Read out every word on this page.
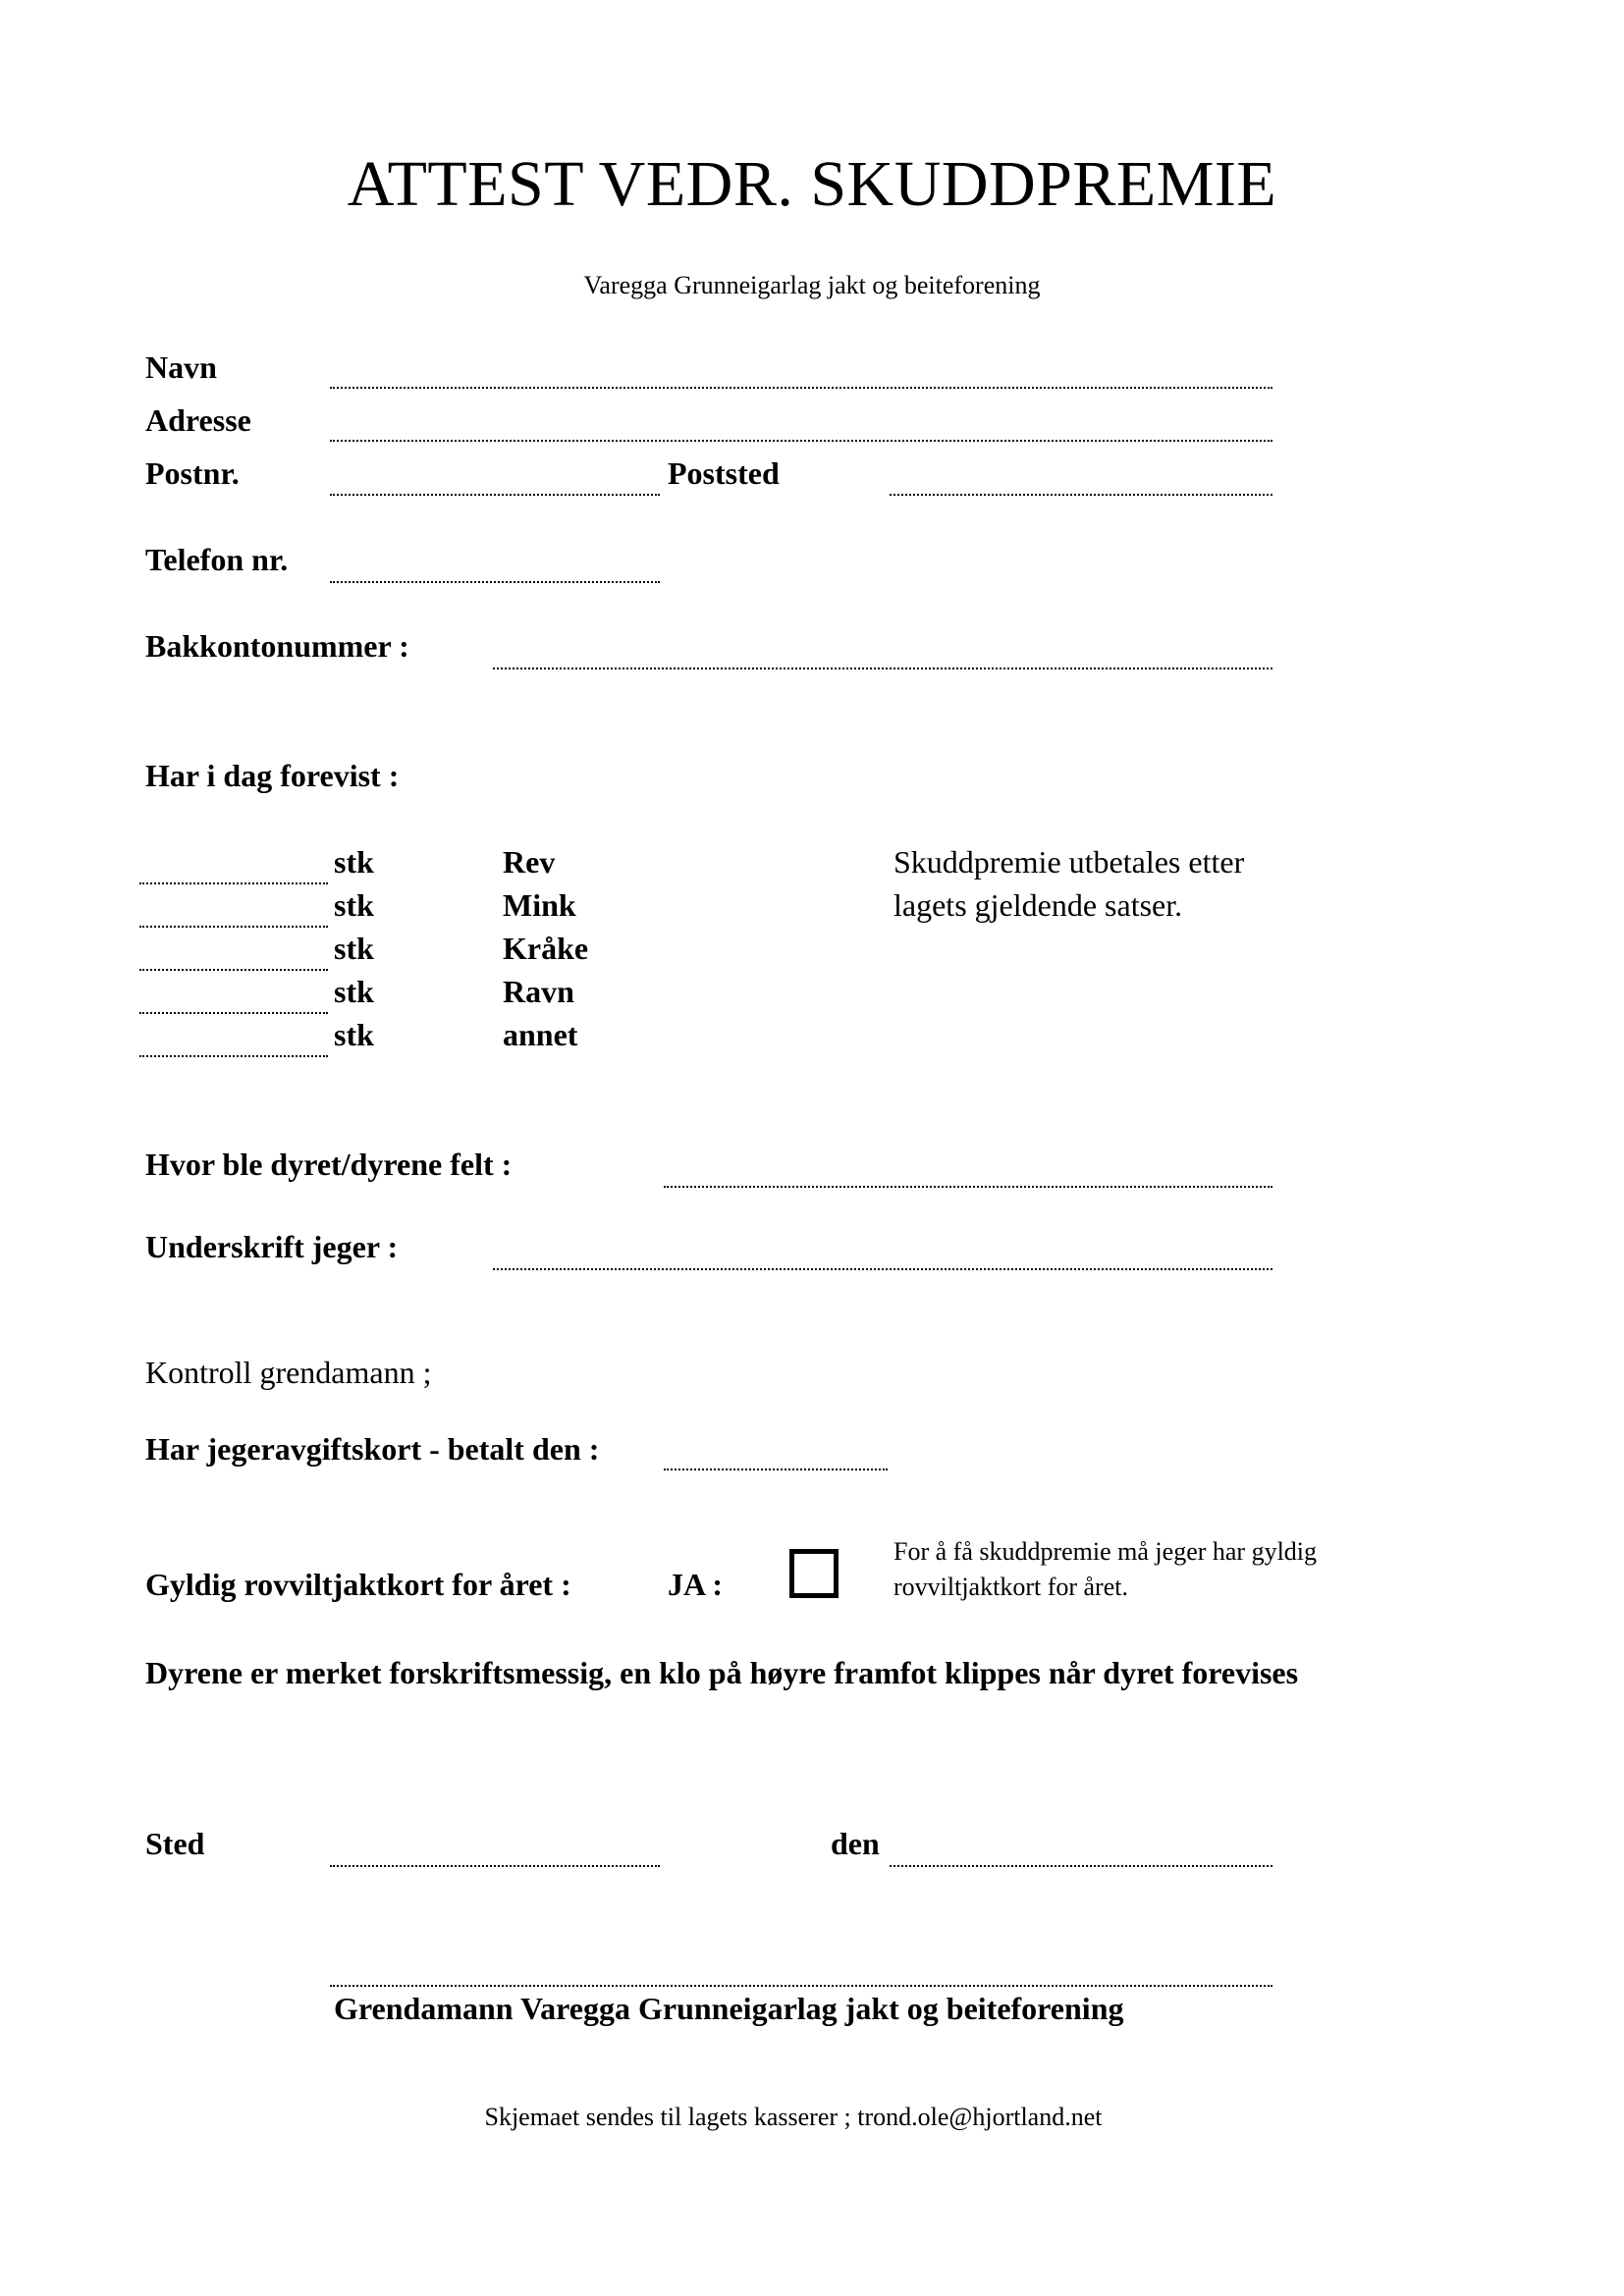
ATTEST VEDR. SKUDDPREMIE
Varegga Grunneigarlag jakt og beiteforening
Navn
Adresse
Postnr.	Poststed
Telefon nr.
Bakkontonummer :
Har i dag forevist :
stk	Rev
stk	Mink
stk	Kråke
stk	Ravn
stk	annet
Skuddpremie utbetales etter
lagets gjeldende satser.
Hvor ble dyret/dyrene felt :
Underskrift jeger :
Kontroll grendamann ;
Har jegeravgiftskort - betalt den :
Gyldig rovviltjaktkort for året :	JA :
For å få skuddpremie må jeger har gyldig
rovviltjaktkort for året.
Dyrene er merket forskriftsmessig, en klo på høyre framfot klippes når dyret forevises
Sted	den
Grendamann Varegga Grunneigarlag jakt og beiteforening
Skjemaet sendes til lagets kasserer ; trond.ole@hjortland.net
